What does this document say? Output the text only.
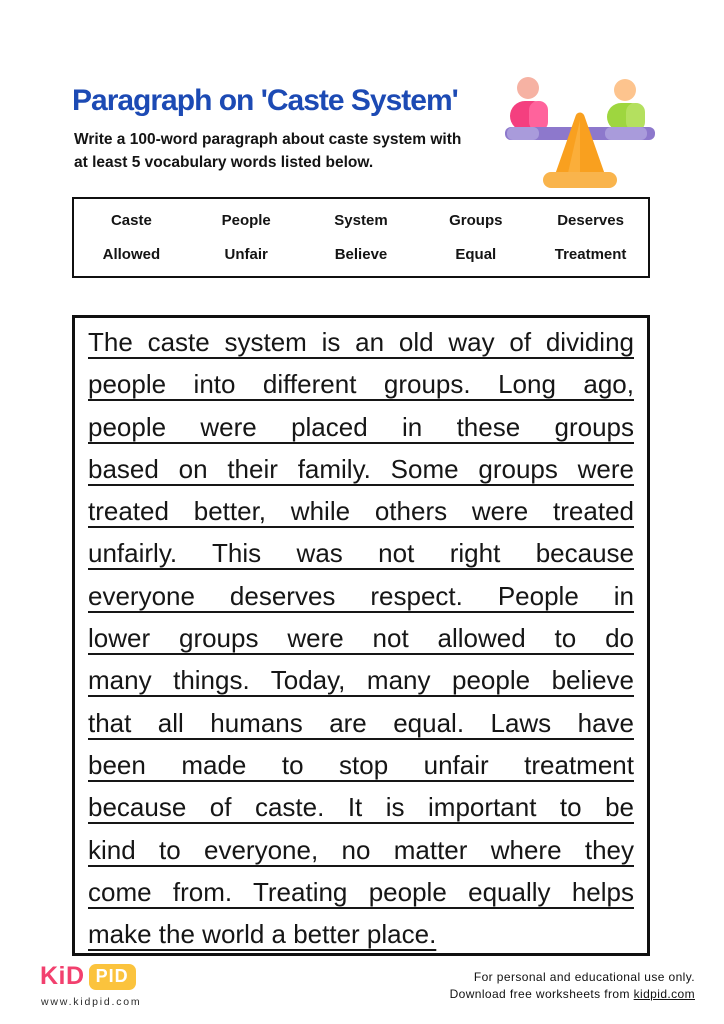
Paragraph on 'Caste System'
Write a 100-word paragraph about caste system with
at least 5 vocabulary words listed below.
Caste	People	System	Groups	Deserves
Allowed	Unfair	Believe	Equal	Treatment
The caste system is an old way of dividing
people into different groups. Long ago,
people were placed in these groups
based on their family. Some groups were
treated better, while others were treated
unfairly. This was not right because
everyone deserves respect. People in
lower groups were not allowed to do
many things. Today, many people believe
that all humans are equal. Laws have
been made to stop unfair treatment
because of caste. It is important to be
kind to everyone, no matter where they
come from. Treating people equally helps
make the world a better place.
KiD PID
www.kidpid.com
For personal and educational use only.
Download free worksheets from kidpid.com
